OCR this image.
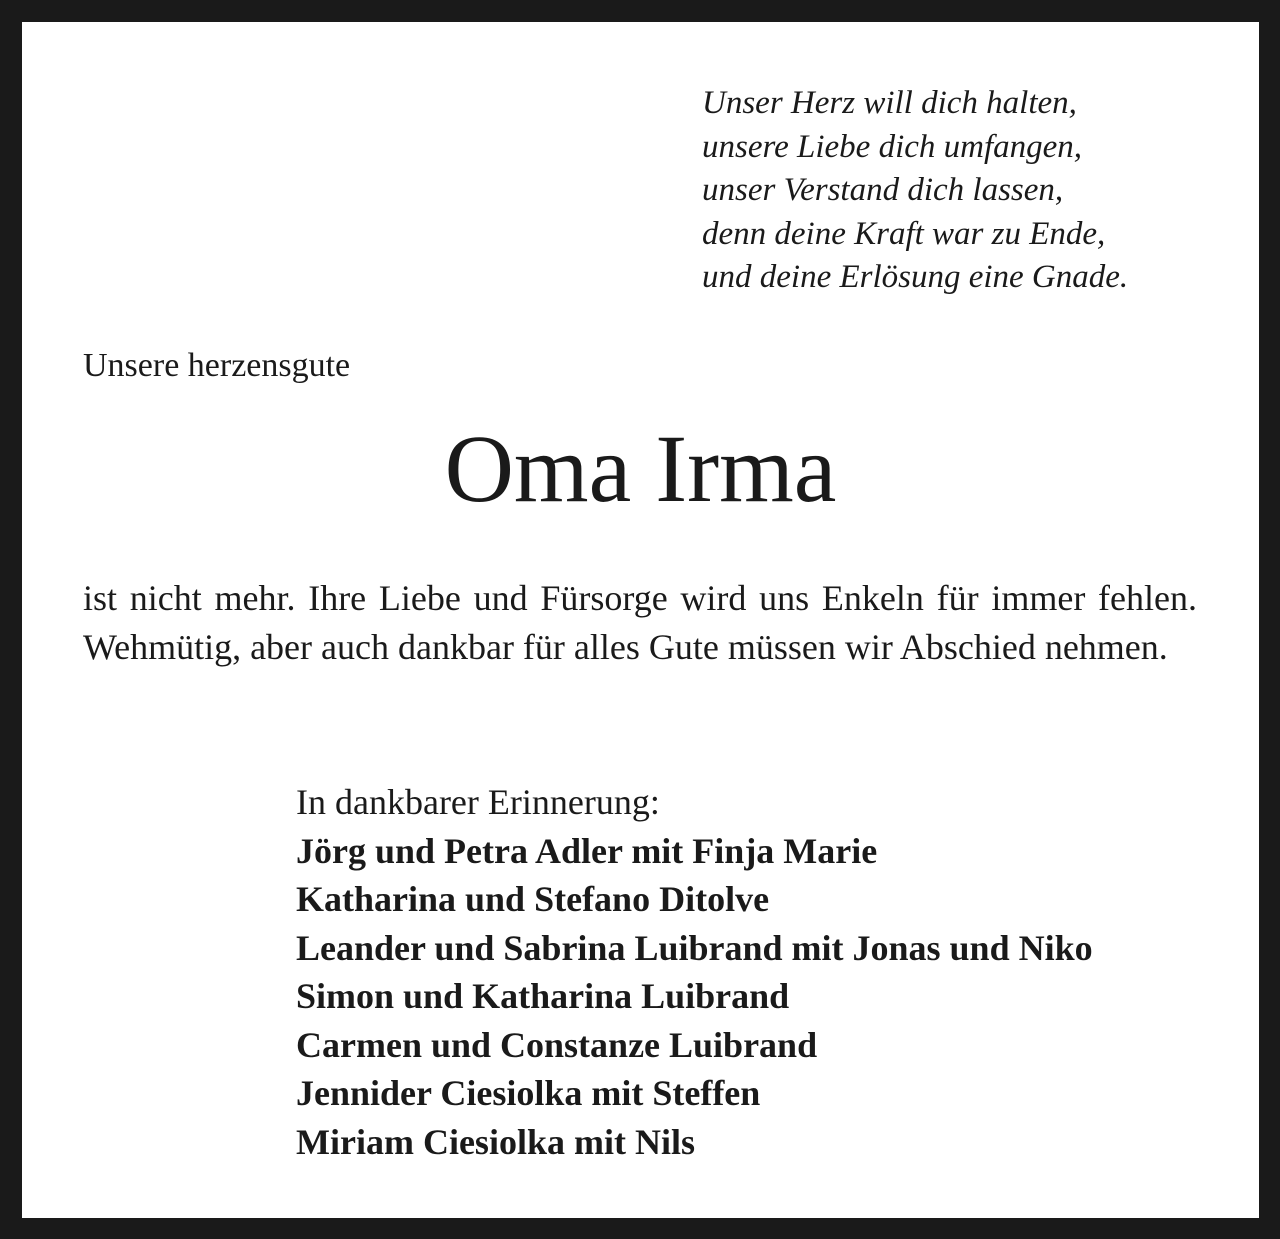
Unser Herz will dich halten,
unsere Liebe dich umfangen,
unser Verstand dich lassen,
denn deine Kraft war zu Ende,
und deine Erlösung eine Gnade.
Unsere herzensgute
Oma Irma
ist nicht mehr. Ihre Liebe und Fürsorge wird uns Enkeln für immer fehlen. Wehmütig, aber auch dankbar für alles Gute müssen wir Abschied nehmen.
In dankbarer Erinnerung:
Jörg und Petra Adler mit Finja Marie
Katharina und Stefano Ditolve
Leander und Sabrina Luibrand mit Jonas und Niko
Simon und Katharina Luibrand
Carmen und Constanze Luibrand
Jennider Ciesiolka mit Steffen
Miriam Ciesiolka mit Nils
